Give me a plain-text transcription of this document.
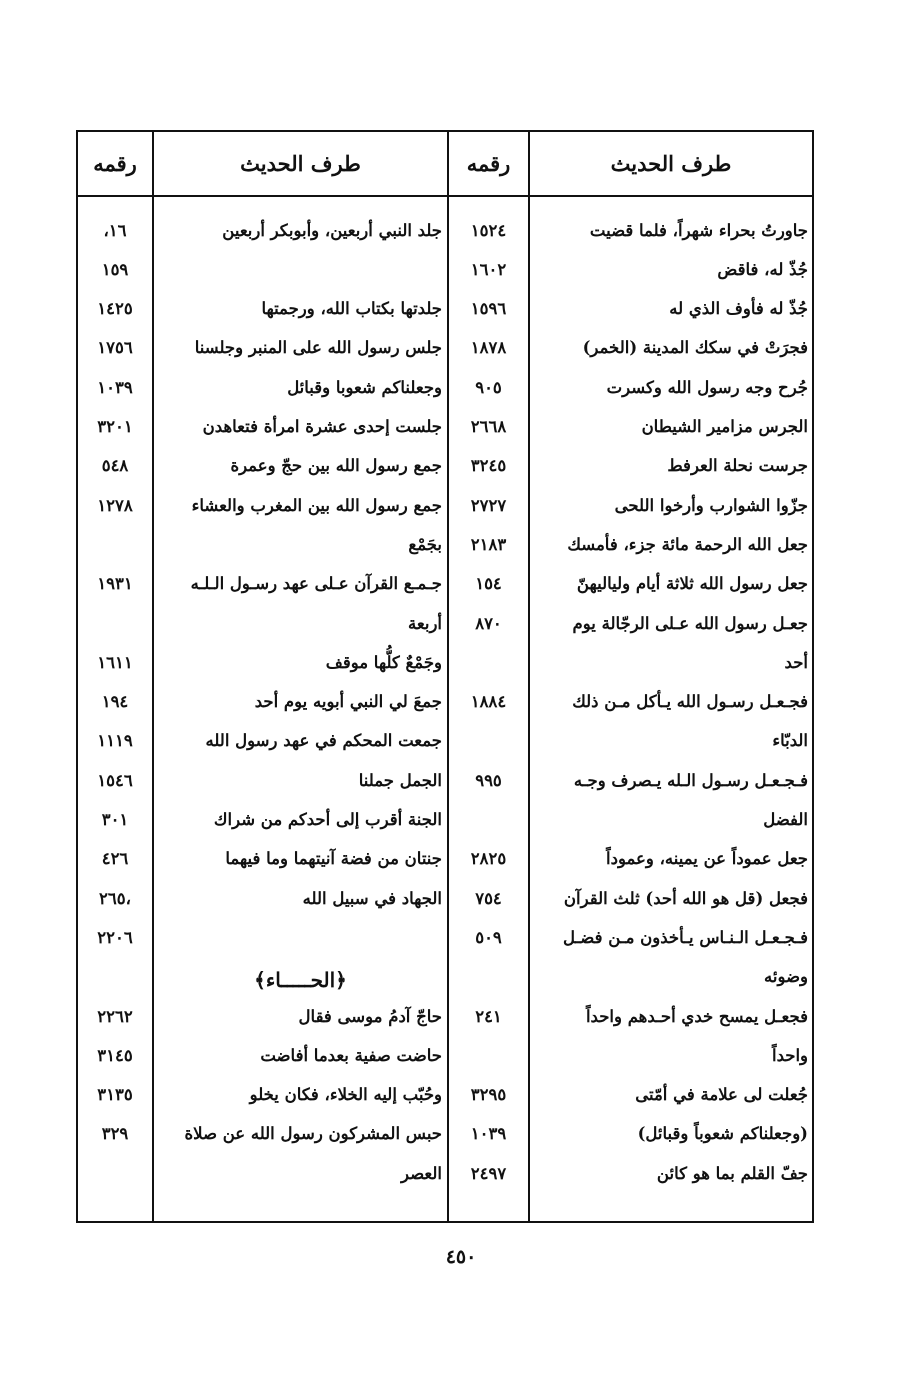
طرف الحديث
رقمه
طرف الحديث
رقمه
جاورتُ بحراء شهراً، فلما قضيت
١٥٢٤
جُذّ له، فاقض
١٦٠٢
جُذّ له فأوف الذي له
١٥٩٦
فجرَتْ في سكك المدينة (الخمر)
١٨٧٨
جُرح وجه رسول الله وكسرت
٩٠٥
الجرس مزامير الشيطان
٢٦٦٨
جرست نحلة العرفط
٣٢٤٥
جزّوا الشوارب وأرخوا اللحى
٢٧٢٧
جعل الله الرحمة مائة جزء، فأمسك
٢١٨٣
جعل رسول الله ثلاثة أيام ولياليهنّ
١٥٤
جعـل رسول الله عـلى الرجّالة يوم
٨٧٠
أحد
فجـعـل رسـول الله يـأكل مـن ذلك
١٨٨٤
الدبّاء
فـجـعـل رسـول الـله يـصرف وجـه
٩٩٥
الفضل
جعل عموداً عن يمينه، وعموداً
٢٨٢٥
فجعل (قل هو الله أحد) ثلث القرآن
٧٥٤
فـجـعـل الـنـاس يـأخذون مـن فضـل
٥٠٩
وضوئه
فجعـل يمسح خدي أحـدهم واحداً
٢٤١
واحداً
جُعلت لى علامة في أمّتى
٣٢٩٥
(وجعلناكم شعوباً وقبائل)
١٠٣٩
جفّ القلم بما هو كائن
٢٤٩٧
جلد النبي أربعين، وأبوبكر أربعين
١٦،
١٥٩
جلدتها بكتاب الله، ورجمتها
١٤٢٥
جلس رسول الله على المنبر وجلسنا
١٧٥٦
وجعلناكم شعوبا وقبائل
١٠٣٩
جلست إحدى عشرة امرأة فتعاهدن
٣٢٠١
جمع رسول الله بين حجّ وعمرة
٥٤٨
جمع رسول الله بين المغرب والعشاء
١٢٧٨
بجَمْع
جـمـع القرآن عـلى عهد رسـول الـلـه
١٩٣١
أربعة
وجَمْعٌ كلُّها موقف
١٦١١
جمعَ لي النبي أبويه يوم أحد
١٩٤
جمعت المحكم في عهد رسول الله
١١١٩
الجمل جملنا
١٥٤٦
الجنة أقرب إلى أحدكم من شراك
٣٠١
جنتان من فضة آنيتهما وما فيهما
٤٢٦
الجهاد في سبيل الله
،٢٦٥
٢٢٠٦
حاجّ آدمُ موسى فقال
٢٢٦٢
حاضت صفية بعدما أفاضت
٣١٤٥
وحُبّب إليه الخلاء، فكان يخلو
٣١٣٥
حبس المشركون رسول الله عن صلاة
٣٢٩
العصر
﴿الحـــــاء﴾
٤٥٠
